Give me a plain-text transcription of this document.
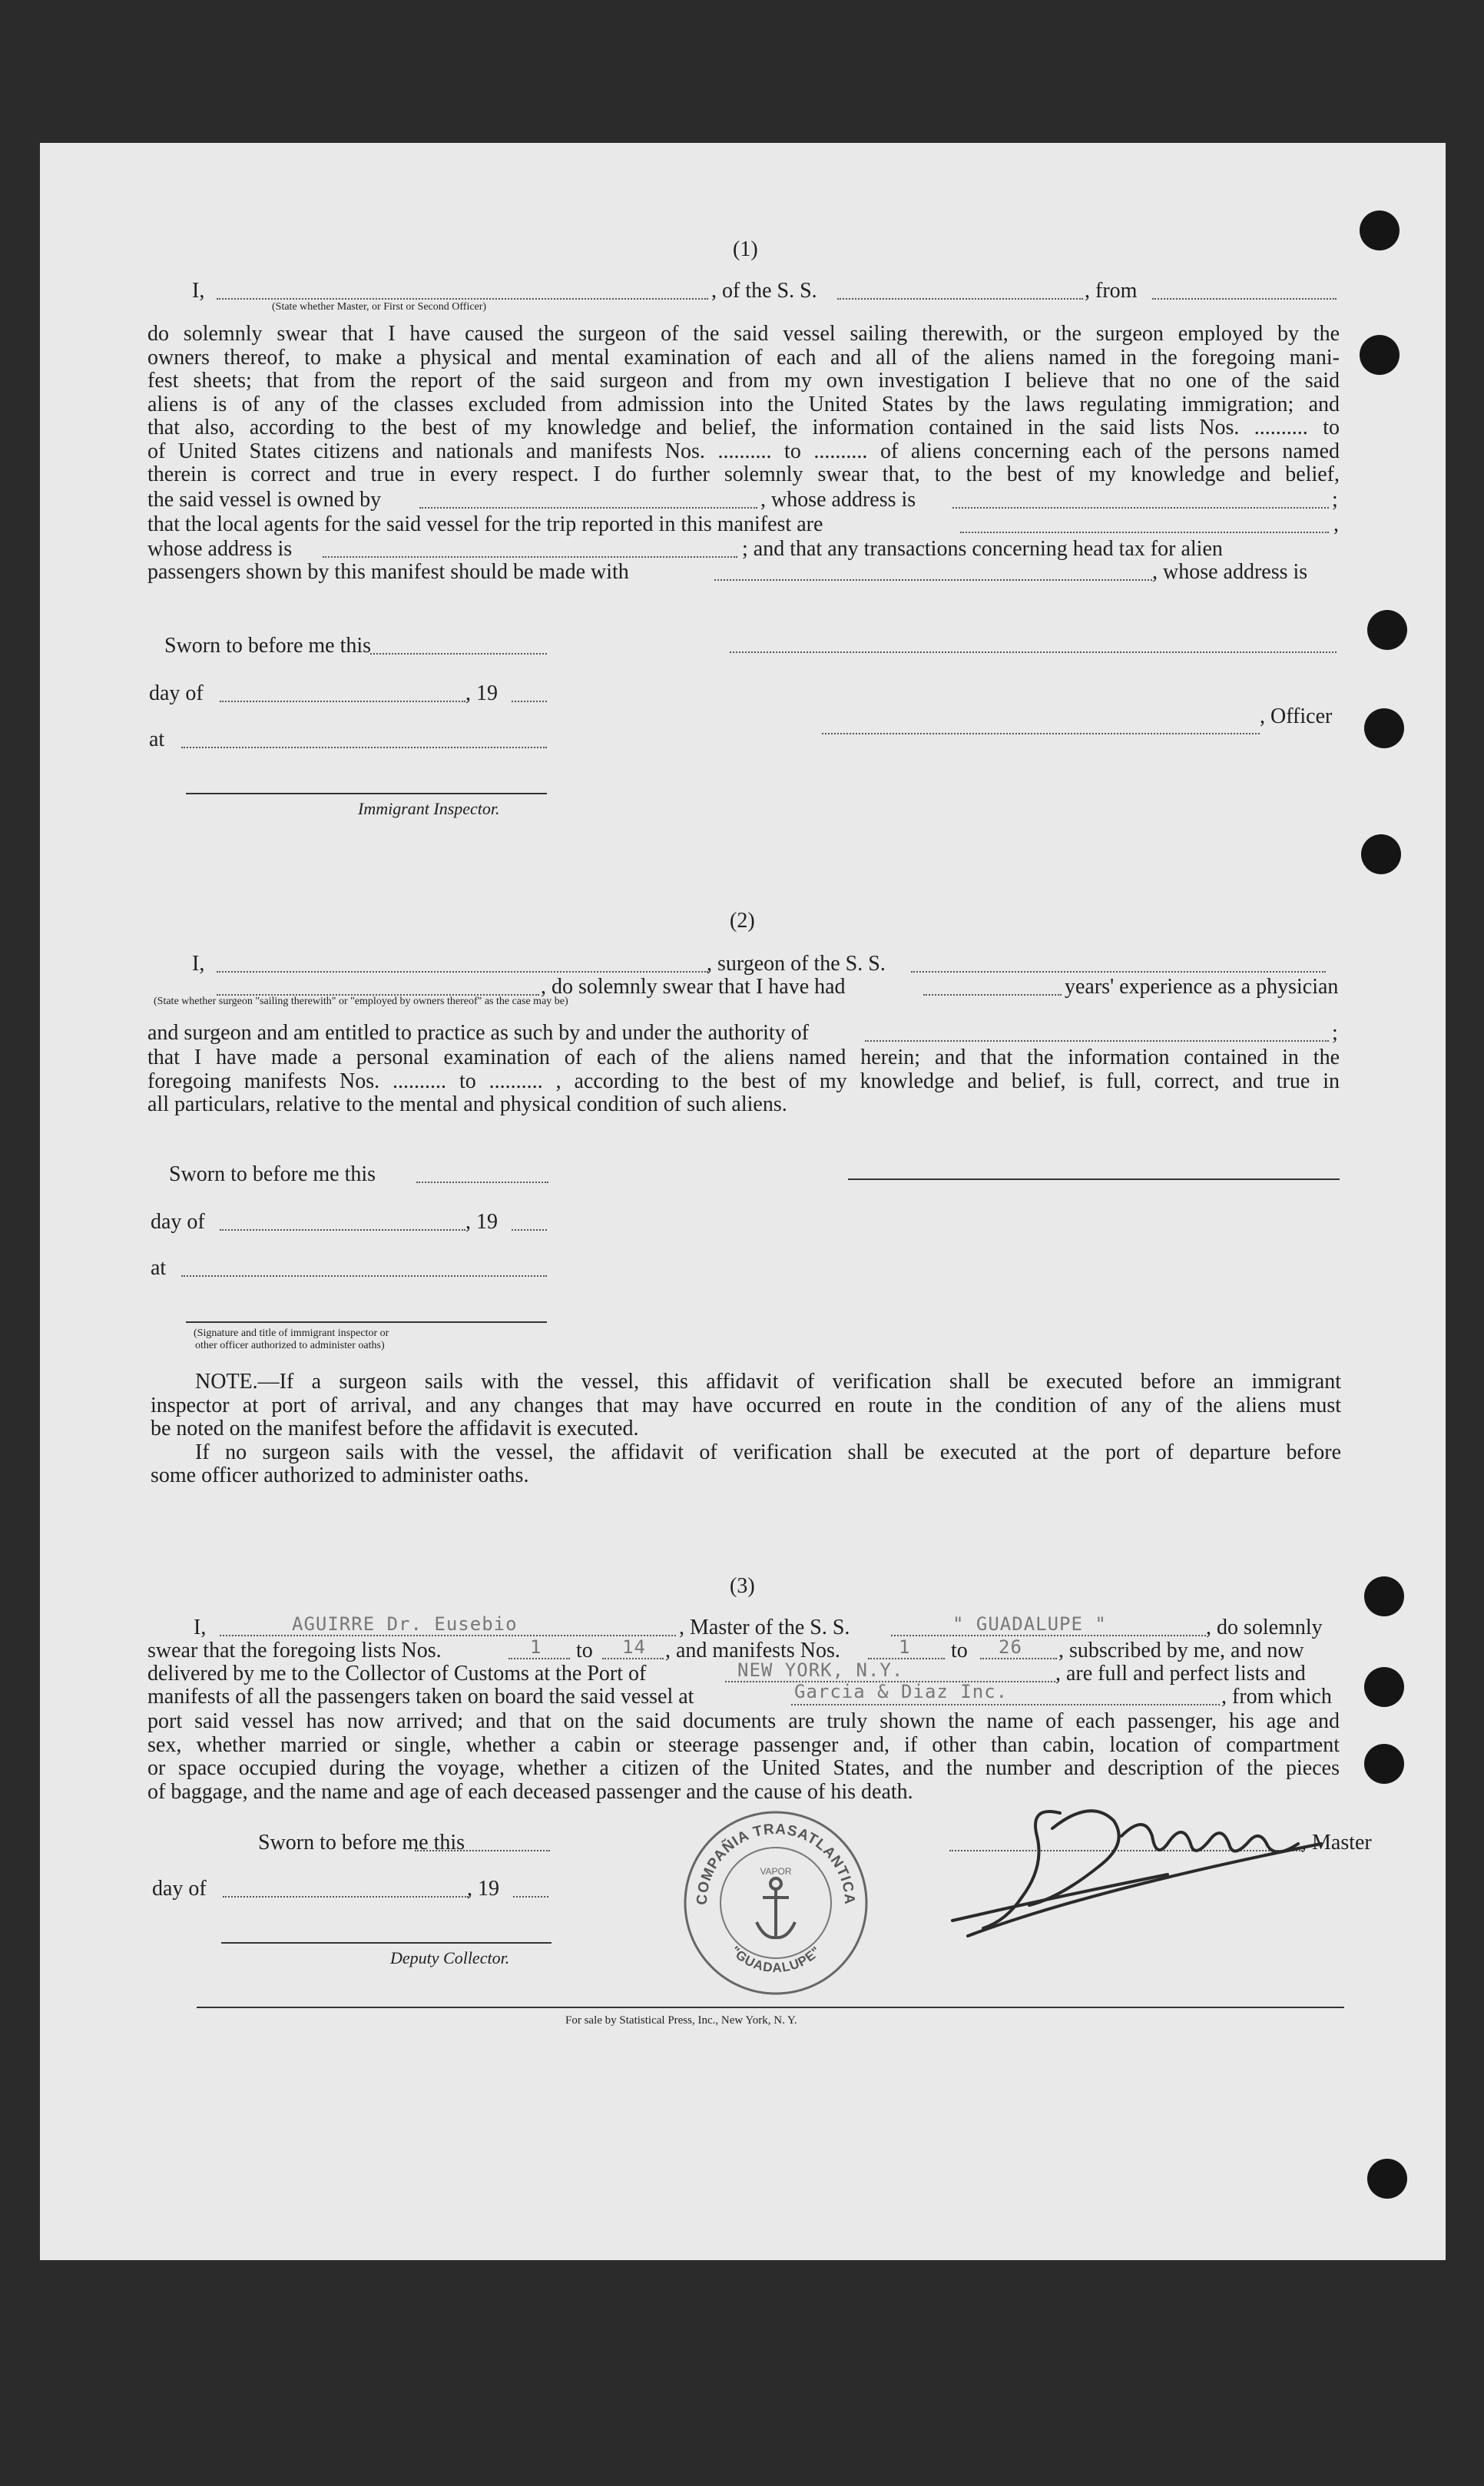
(1)
I,
(State whether Master, or First or Second Officer)
, of the S. S.	, from
do solemnly swear that I have caused the surgeon of the said vessel sailing therewith, or the surgeon employed by the
owners thereof, to make a physical and mental examination of each and all of the aliens named in the foregoing mani-
fest sheets; that from the report of the said surgeon and from my own investigation I believe that no one of the said
aliens is of any of the classes excluded from admission into the United States by the laws regulating immigration; and
that also, according to the best of my knowledge and belief, the information contained in the said lists Nos. .......... to
of United States citizens and nationals and manifests Nos. .......... to .......... of aliens concerning each of the persons named
therein is correct and true in every respect. I do further solemnly swear that, to the best of my knowledge and belief,
the said vessel is owned by	, whose address is	;
that the local agents for the said vessel for the trip reported in this manifest are	,
whose address is	; and that any transactions concerning head tax for alien
passengers shown by this manifest should be made with	, whose address is
Sworn to before me this
day of	, 19
at
, Officer
Immigrant Inspector.
(2)
I,	, surgeon of the S. S.
(State whether surgeon "sailing therewith" or "employed by owners thereof" as the case may be)
, do solemnly swear that I have had	years' experience as a physician
and surgeon and am entitled to practice as such by and under the authority of	;
that I have made a personal examination of each of the aliens named herein; and that the information contained in the
foregoing manifests Nos. .......... to .......... , according to the best of my knowledge and belief, is full, correct, and true in
all particulars, relative to the mental and physical condition of such aliens.
Sworn to before me this
day of	, 19
at
(Signature and title of immigrant inspector or
other officer authorized to administer oaths)
NOTE.—If a surgeon sails with the vessel, this affidavit of verification shall be executed before an immigrant
inspector at port of arrival, and any changes that may have occurred en route in the condition of any of the aliens must
be noted on the manifest before the affidavit is executed.
If no surgeon sails with the vessel, the affidavit of verification shall be executed at the port of departure before
some officer authorized to administer oaths.
(3)
I,	AGUIRRE Dr. Eusebio	, Master of the S. S.	" GUADALUPE "	, do solemnly
swear that the foregoing lists Nos.	1 to 14 , and manifests Nos.	1 to 26 , subscribed by me, and now
delivered by me to the Collector of Customs at the Port of	NEW YORK, N.Y.	, are full and perfect lists and
manifests of all the passengers taken on board the said vessel at	Garcia & Diaz Inc.	, from which
port said vessel has now arrived; and that on the said documents are truly shown the name of each passenger, his age and
sex, whether married or single, whether a cabin or steerage passenger and, if other than cabin, location of compartment
or space occupied during the voyage, whether a citizen of the United States, and the number and description of the pieces
of baggage, and the name and age of each deceased passenger and the cause of his death.
Sworn to before me this
day of	, 19
Deputy Collector.
, Master
COMPAÑIA TRASATLANTICA
"GUADALUPE"
VAPOR
For sale by Statistical Press, Inc., New York, N. Y.
